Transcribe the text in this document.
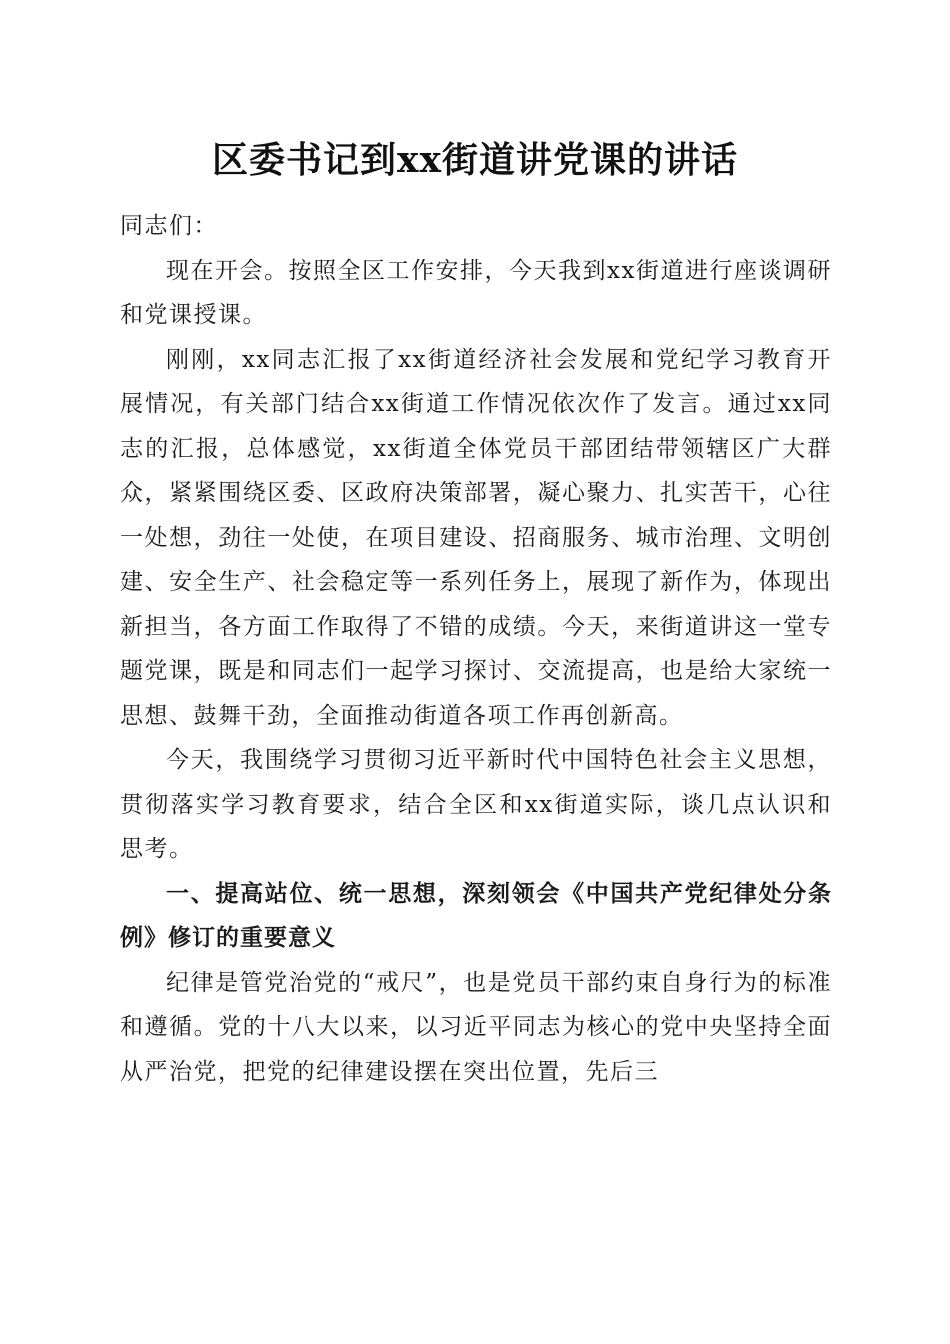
区委书记到xx街道讲党课的讲话

同志们：

现在开会。按照全区工作安排，今天我到xx街道进行座谈调研和党课授课。

刚刚，xx同志汇报了xx街道经济社会发展和党纪学习教育开展情况，有关部门结合xx街道工作情况依次作了发言。通过xx同志的汇报，总体感觉，xx街道全体党员干部团结带领辖区广大群众，紧紧围绕区委、区政府决策部署，凝心聚力、扎实苦干，心往一处想，劲往一处使，在项目建设、招商服务、城市治理、文明创建、安全生产、社会稳定等一系列任务上，展现了新作为，体现出新担当，各方面工作取得了不错的成绩。今天，来街道讲这一堂专题党课，既是和同志们一起学习探讨、交流提高，也是给大家统一思想、鼓舞干劲，全面推动街道各项工作再创新高。

今天，我围绕学习贯彻习近平新时代中国特色社会主义思想，贯彻落实学习教育要求，结合全区和xx街道实际，谈几点认识和思考。

一、提高站位、统一思想，深刻领会《中国共产党纪律处分条例》修订的重要意义

纪律是管党治党的“戒尺”，也是党员干部约束自身行为的标准和遵循。党的十八大以来，以习近平同志为核心的党中央坚持全面从严治党，把党的纪律建设摆在突出位置，先后三
